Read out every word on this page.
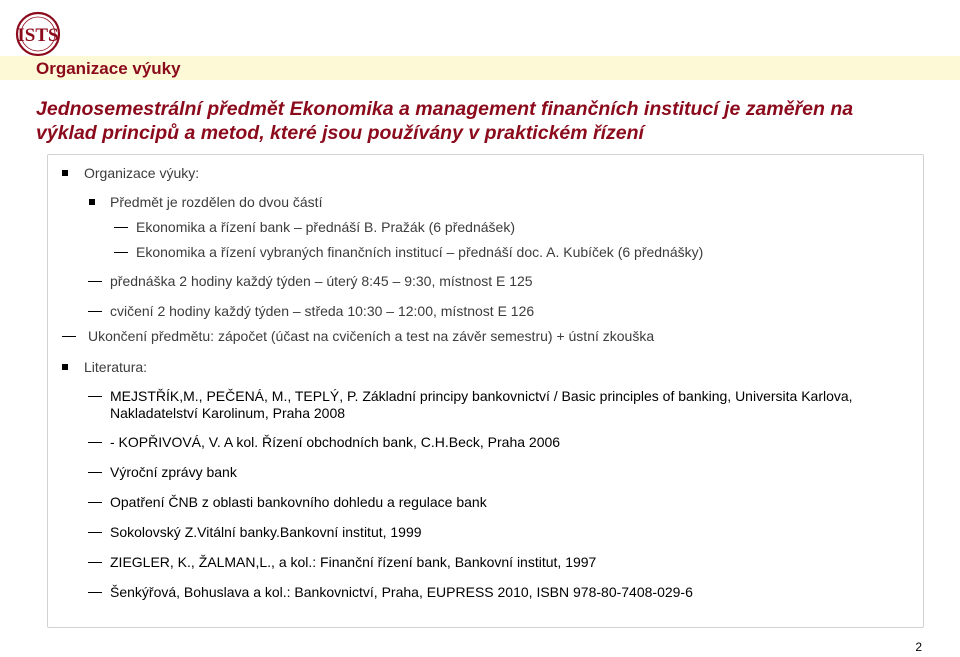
ISTS
Organizace výuky
Jednosemestrální předmět Ekonomika a management finančních institucí je zaměřen na
výklad principů a metod, které jsou používány v praktickém řízení
Organizace výuky:
Předmět je rozdělen do dvou částí
Ekonomika a řízení bank – přednáší B. Pražák (6 přednášek)
Ekonomika a řízení vybraných finančních institucí – přednáší doc. A. Kubíček (6 přednášky)
přednáška 2 hodiny každý týden – úterý 8:45 – 9:30, místnost E 125
cvičení 2 hodiny každý týden – středa 10:30 – 12:00, místnost E 126
Ukončení předmětu: zápočet (účast na cvičeních a test na závěr semestru) + ústní zkouška
Literatura:
MEJSTŘÍK,M., PEČENÁ, M., TEPLÝ, P. Základní principy bankovnictví / Basic principles of banking, Universita Karlova,
Nakladatelství Karolinum, Praha 2008
- KOPŘIVOVÁ, V. A kol. Řízení obchodních bank, C.H.Beck, Praha 2006
Výroční zprávy bank
Opatření ČNB z oblasti bankovního dohledu a regulace bank
Sokolovský Z.Vitální banky.Bankovní institut, 1999
ZIEGLER, K., ŽALMAN,L., a kol.: Finanční řízení bank, Bankovní institut, 1997
Šenkýřová, Bohuslava a kol.: Bankovnictví, Praha, EUPRESS 2010, ISBN 978-80-7408-029-6
2
